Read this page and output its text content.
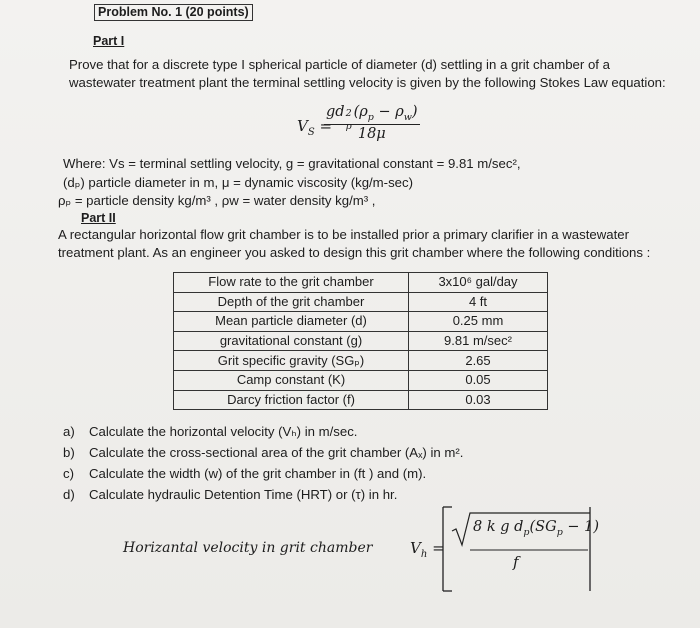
Problem No. 1 (20 points)
Part I
Prove that for a discrete type I spherical particle of diameter (d) settling in a grit chamber of a
wastewater treatment plant the terminal settling velocity is given by the following Stokes Law equation:
$V_S$ =
gd 2
p
$(\rho_p - \rho_w)$
18μ
Where: Vs = terminal settling velocity, g = gravitational constant = 9.81 m/sec²,
(dₚ) particle diameter in m, μ = dynamic viscosity (kg/m-sec)
ρₚ = particle density kg/m³ , ρw = water density kg/m³ ,
Part II
A rectangular horizontal flow grit chamber is to be installed prior a primary clarifier in a wastewater
treatment plant. As an engineer you asked to design this grit chamber where the following conditions :
Flow rate to the grit chamber	3x10⁶ gal/day
Depth of the grit chamber	4 ft
Mean particle diameter (d)	0.25 mm
gravitational constant (g)	9.81 m/sec²
Grit specific gravity (SGₚ)	2.65
Camp constant (K)	0.05
Darcy friction factor (f)	0.03
a) Calculate the horizontal velocity (Vₕ) in m/sec.
b) Calculate the cross-sectional area of the grit chamber (Aₓ) in m².
c) Calculate the width (w) of the grit chamber in (ft ) and (m).
d) Calculate hydraulic Detention Time (HRT) or (τ) in hr.
Horizantal velocity in grit chamber	$V_h$ =
8 k g $d_p(SG_p - 1)$
f
